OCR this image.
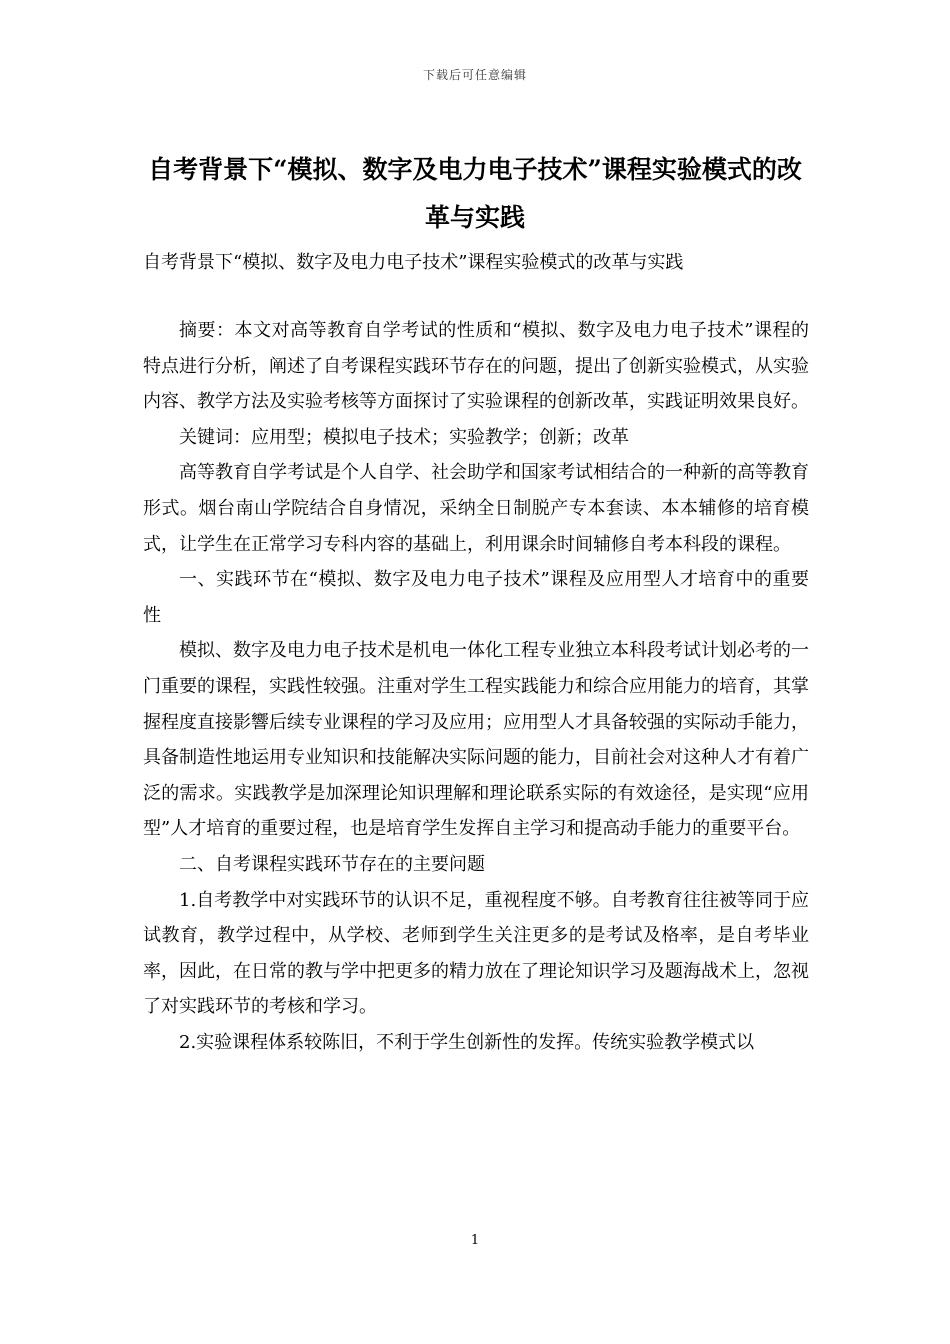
下载后可任意编辑
自考背景下“模拟、数字及电力电子技术”课程实验模式的改革与实践
自考背景下“模拟、数字及电力电子技术”课程实验模式的改革与实践

摘要：本文对高等教育自学考试的性质和“模拟、数字及电力电子技术”课程的特点进行分析，阐述了自考课程实践环节存在的问题，提出了创新实验模式，从实验内容、教学方法及实验考核等方面探讨了实验课程的创新改革，实践证明效果良好。

关键词：应用型；模拟电子技术；实验教学；创新；改革

高等教育自学考试是个人自学、社会助学和国家考试相结合的一种新的高等教育形式。烟台南山学院结合自身情况，采纳全日制脱产专本套读、本本辅修的培育模式，让学生在正常学习专科内容的基础上，利用课余时间辅修自考本科段的课程。

一、实践环节在“模拟、数字及电力电子技术”课程及应用型人才培育中的重要性

模拟、数字及电力电子技术是机电一体化工程专业独立本科段考试计划必考的一门重要的课程，实践性较强。注重对学生工程实践能力和综合应用能力的培育，其掌握程度直接影響后续专业课程的学习及应用；应用型人才具备较强的实际动手能力，具备制造性地运用专业知识和技能解决实际问题的能力，目前社会对这种人才有着广泛的需求。实践教学是加深理论知识理解和理论联系实际的有效途径，是实现“应用型”人才培育的重要过程，也是培育学生发挥自主学习和提高动手能力的重要平台。

二、自考课程实践环节存在的主要问题

1.自考教学中对实践环节的认识不足，重视程度不够。自考教育往往被等同于应试教育，教学过程中，从学校、老师到学生关注更多的是考试及格率，是自考毕业率，因此，在日常的教与学中把更多的精力放在了理论知识学习及题海战术上，忽视了对实践环节的考核和学习。

2.实验课程体系较陈旧，不利于学生创新性的发挥。传统实验教学模式以

1
